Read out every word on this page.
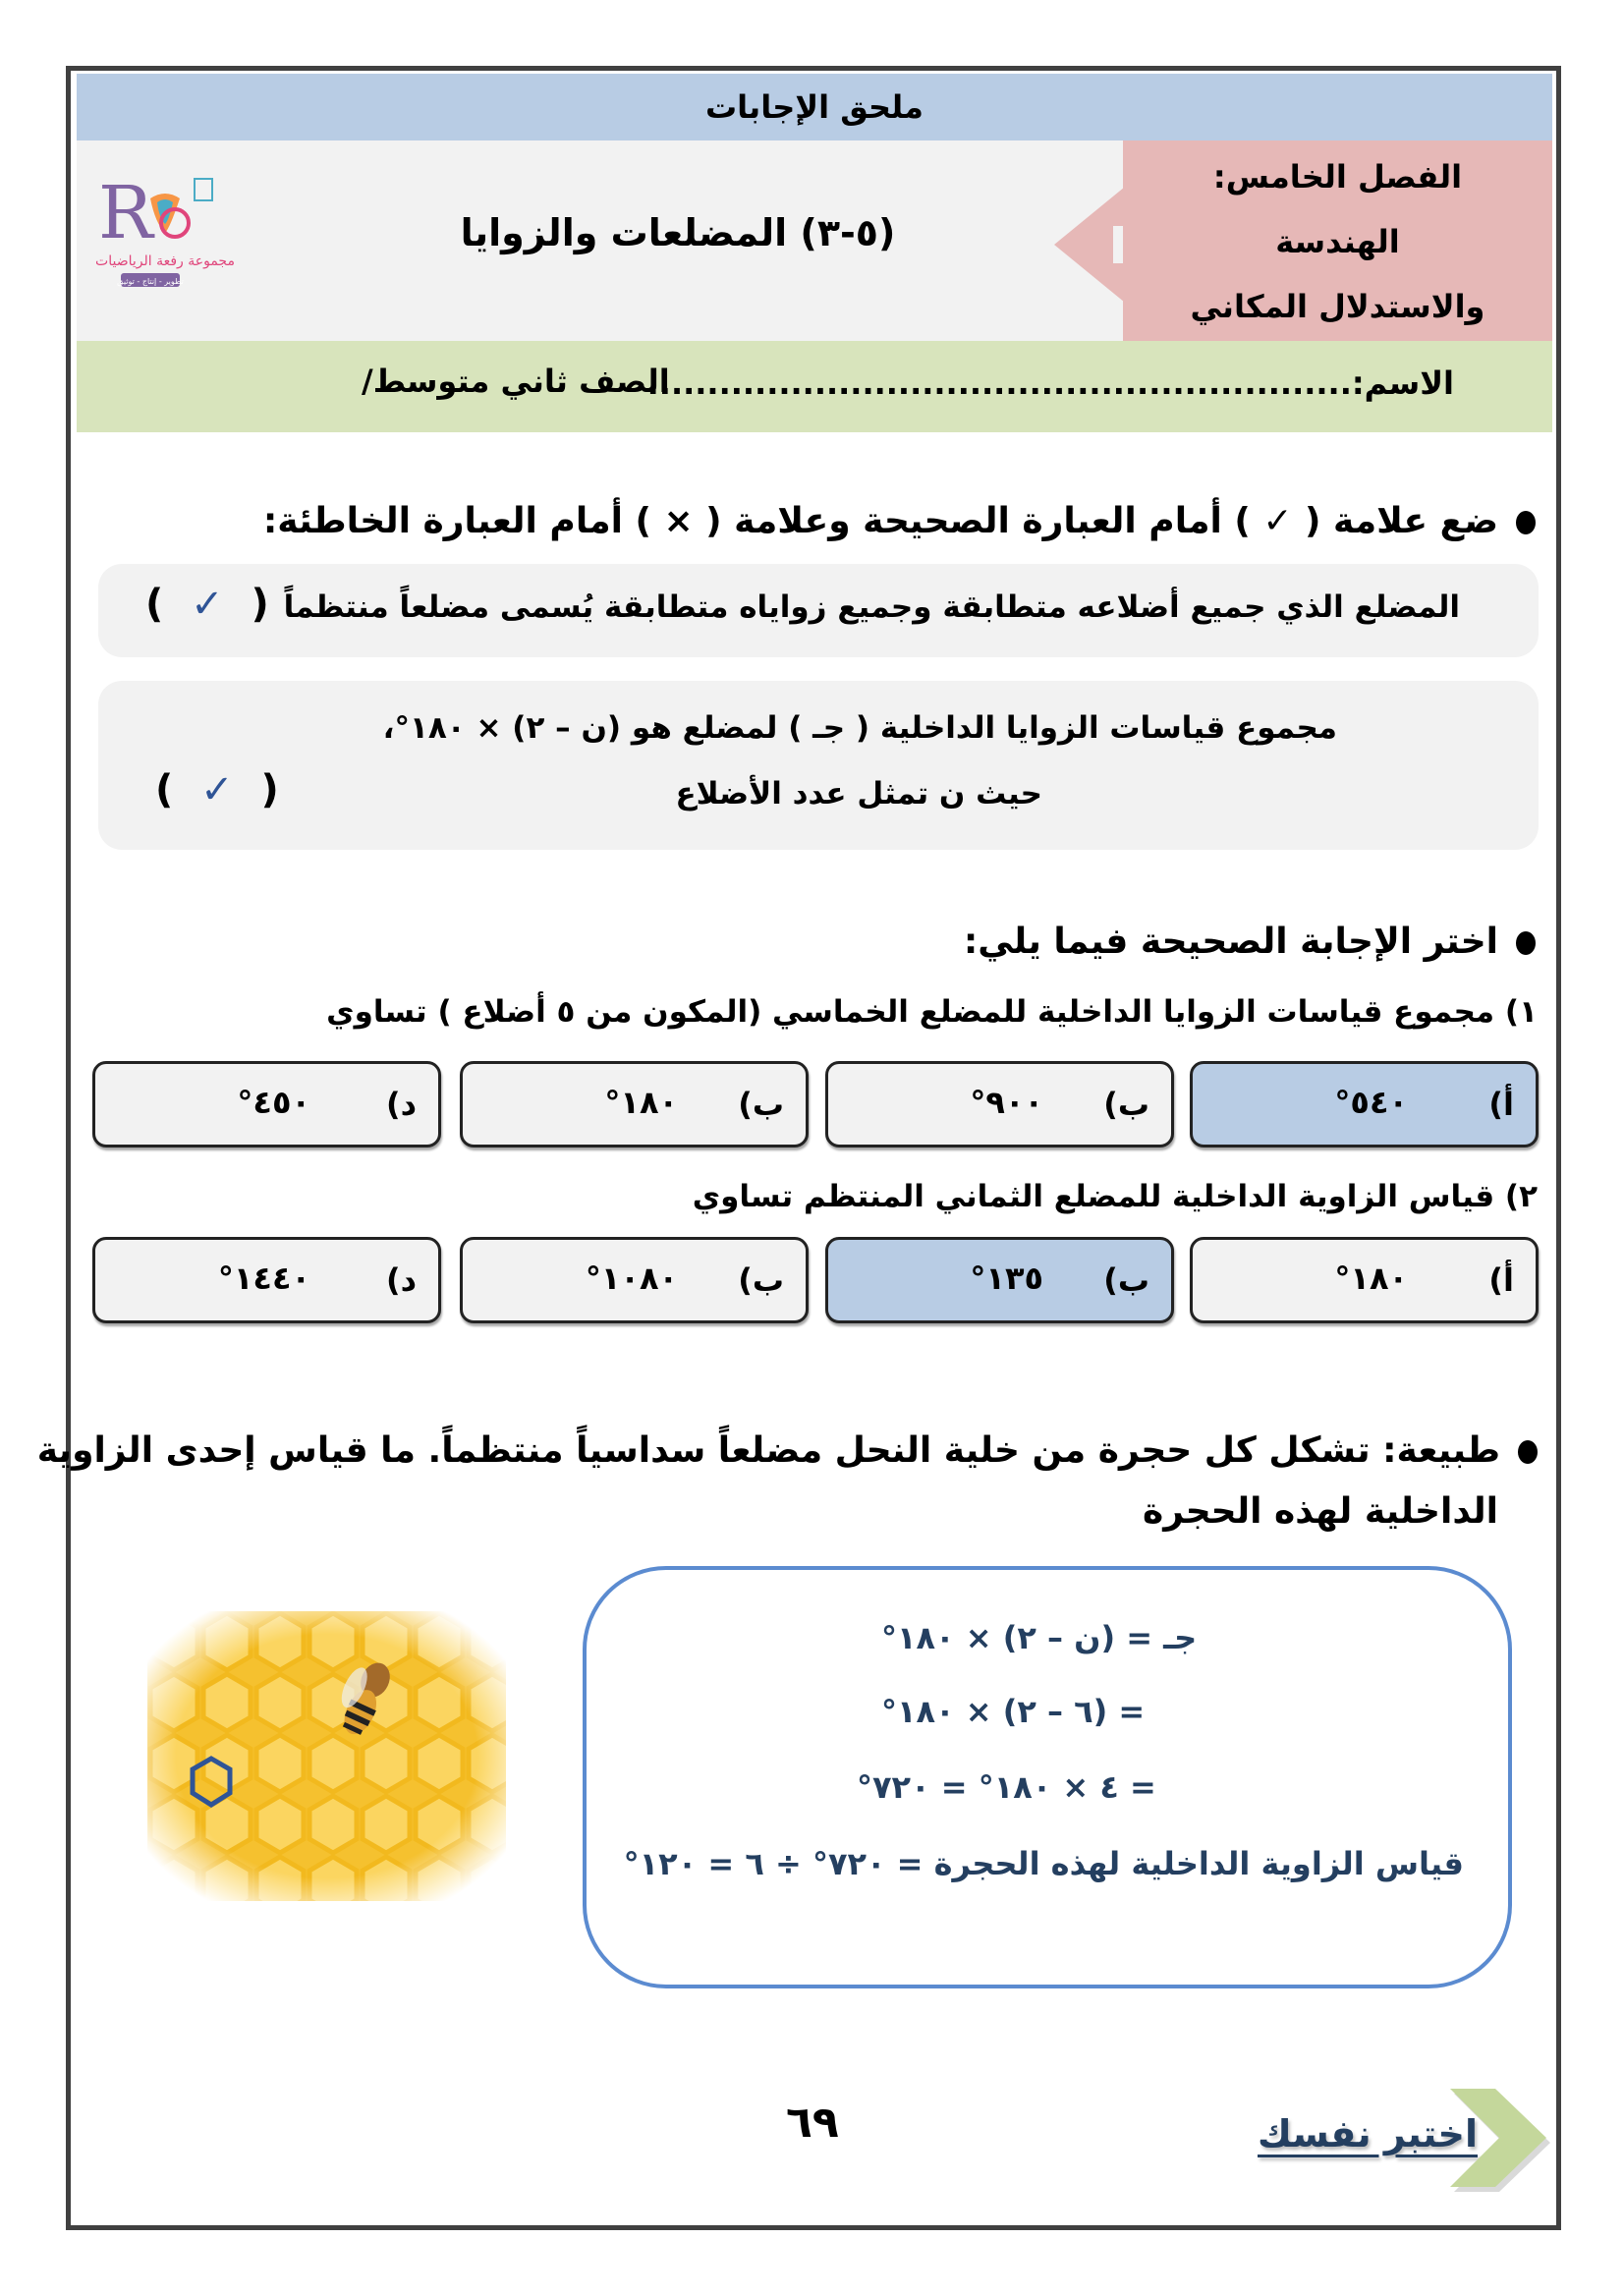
ملحق الإجابات
الفصل الخامس:
الهندسة
والاستدلال المكاني
(٥-٣) المضلعات والزوايا
R
مجموعة رفعة الرياضيات
تطوير - إنتاج - توثيق
الاسم:...........................................................
الصف ثاني متوسط/
ضع علامة ( ✓ ) أمام العبارة الصحيحة وعلامة ( × ) أمام العبارة الخاطئة:
المضلع الذي جميع أضلاعه متطابقة وجميع زواياه متطابقة يُسمى مضلعاً منتظماً
(  ✓  )
مجموع قياسات الزوايا الداخلية ( جـ ) لمضلع هو (ن – ٢) × ١٨٠°،
حيث ن تمثل عدد الأضلاع
(  ✓  )
اختر الإجابة الصحيحة فيما يلي:
١) مجموع قياسات الزوايا الداخلية للمضلع الخماسي (المكون من ٥ أضلاع ) تساوي
أ)
٥٤٠°
ب)
٩٠٠°
ب)
١٨٠°
د)
٤٥٠°
٢) قياس الزاوية الداخلية للمضلع الثماني المنتظم تساوي
أ)
١٨٠°
ب)
١٣٥°
ب)
١٠٨٠°
د)
١٤٤٠°
طبيعة: تشكل كل حجرة من خلية النحل مضلعاً سداسياً منتظماً. ما قياس إحدى الزاوية
الداخلية لهذه الحجرة
جـ = (ن – ٢) × ١٨٠°
= (٦ – ٢) × ١٨٠°
= ٤ × ١٨٠° = ٧٢٠°
قياس الزاوية الداخلية لهذه الحجرة = ٧٢٠° ÷ ٦ = ١٢٠°
٦٩	اختبر نفسك
